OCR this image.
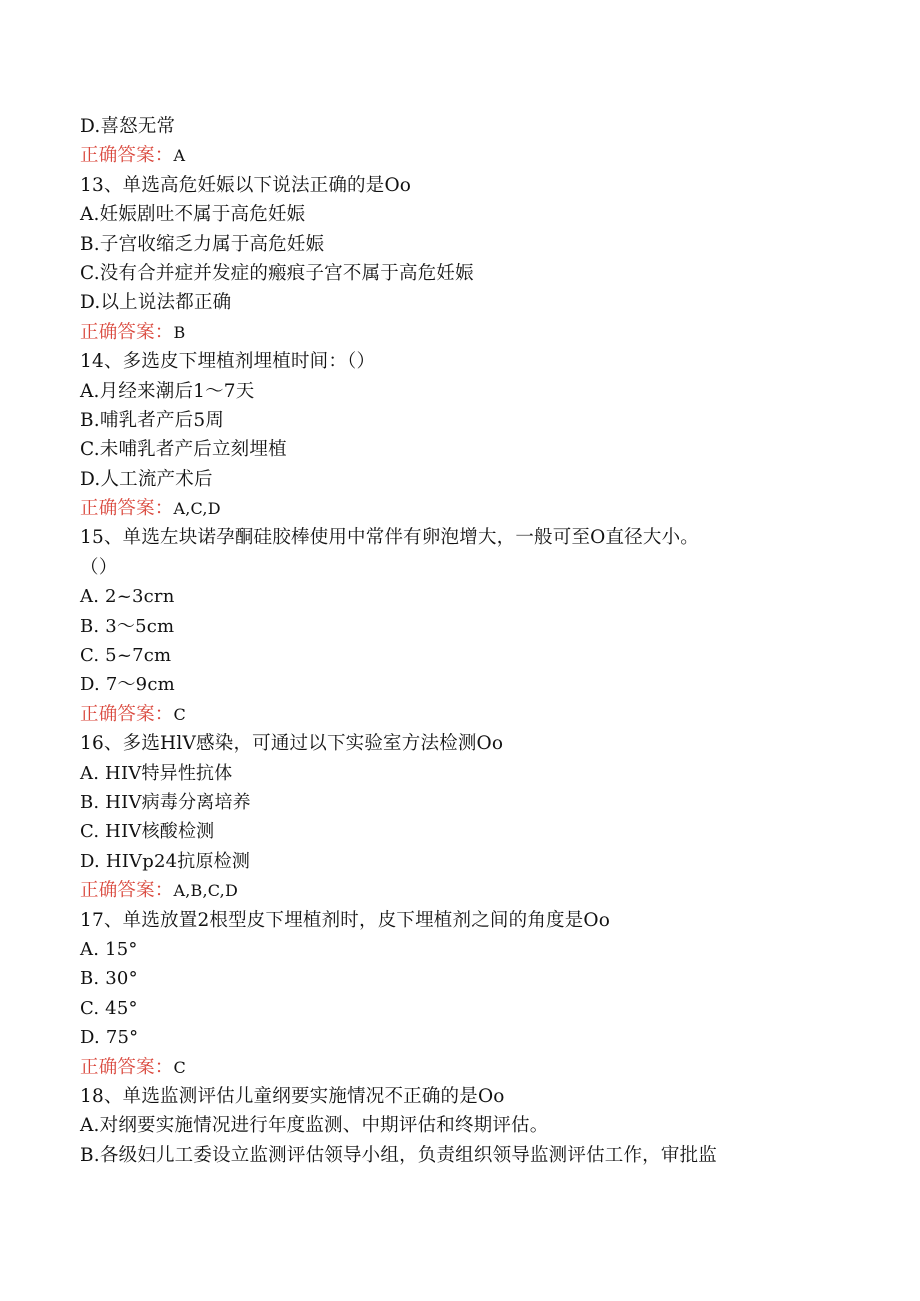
D.喜怒无常
正确答案：A
13、单选高危妊娠以下说法正确的是Oo
A.妊娠剧吐不属于高危妊娠
B.子宫收缩乏力属于高危妊娠
C.没有合并症并发症的瘢痕子宫不属于高危妊娠
D.以上说法都正确
正确答案：B
14、多选皮下埋植剂埋植时间：（）
A.月经来潮后1～7天
B.哺乳者产后5周
C.未哺乳者产后立刻埋植
D.人工流产术后
正确答案：A,C,D
15、单选左块诺孕酮硅胶棒使用中常伴有卵泡增大，一般可至O直径大小。
（）
A. 2~3crn
B. 3～5cm
C. 5~7cm
D. 7～9cm
正确答案：C
16、多选HlV感染，可通过以下实验室方法检测Oo
A. HIV特异性抗体
B. HIV病毒分离培养
C. HIV核酸检测
D. HIVp24抗原检测
正确答案：A,B,C,D
17、单选放置2根型皮下埋植剂时，皮下埋植剂之间的角度是Oo
A. 15°
B. 30°
C. 45°
D. 75°
正确答案：C
18、单选监测评估儿童纲要实施情况不正确的是Oo
A.对纲要实施情况进行年度监测、中期评估和终期评估。
B.各级妇儿工委设立监测评估领导小组，负责组织领导监测评估工作，审批监
